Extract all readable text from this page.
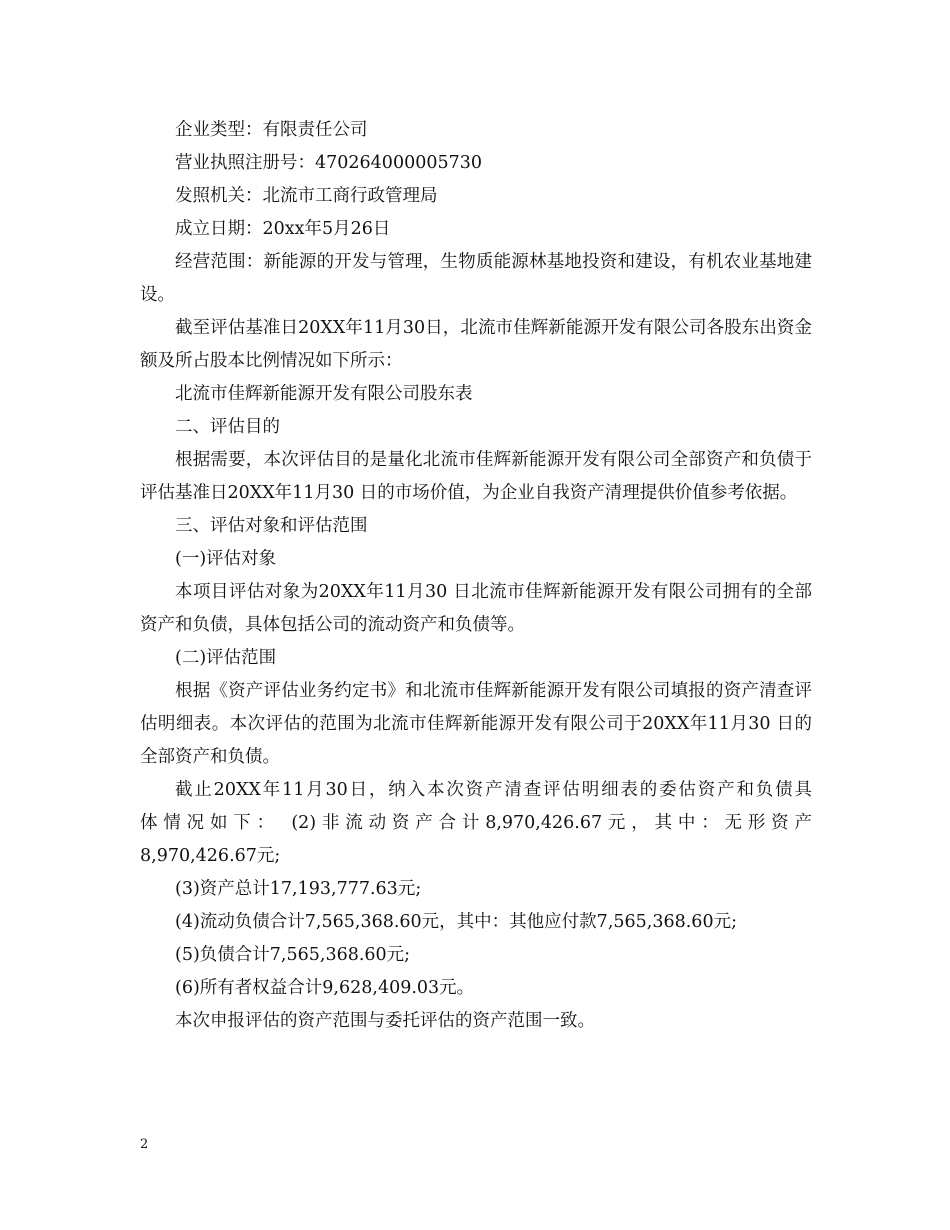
企业类型：有限责任公司

营业执照注册号：470264000005730

发照机关：北流市工商行政管理局

成立日期：20xx年5月26日

经营范围：新能源的开发与管理，生物质能源林基地投资和建设，有机农业基地建设。

截至评估基准日20XX年11月30日，北流市佳辉新能源开发有限公司各股东出资金额及所占股本比例情况如下所示：

北流市佳辉新能源开发有限公司股东表

二、评估目的

根据需要，本次评估目的是量化北流市佳辉新能源开发有限公司全部资产和负债于评估基准日20XX年11月30 日的市场价值，为企业自我资产清理提供价值参考依据。

三、评估对象和评估范围

(一)评估对象

本项目评估对象为20XX年11月30 日北流市佳辉新能源开发有限公司拥有的全部资产和负债，具体包括公司的流动资产和负债等。

(二)评估范围

根据《资产评估业务约定书》和北流市佳辉新能源开发有限公司填报的资产清查评估明细表。本次评估的范围为北流市佳辉新能源开发有限公司于20XX年11月30 日的全部资产和负债。

截止20XX年11月30日，纳入本次资产清查评估明细表的委估资产和负债具
体情况如下： (2)非流动资产合计8,970,426.67元，其中：无形资产
8,970,426.67元;

(3)资产总计17,193,777.63元;

(4)流动负债合计7,565,368.60元，其中：其他应付款7,565,368.60元;

(5)负债合计7,565,368.60元;

(6)所有者权益合计9,628,409.03元。

本次申报评估的资产范围与委托评估的资产范围一致。

2
